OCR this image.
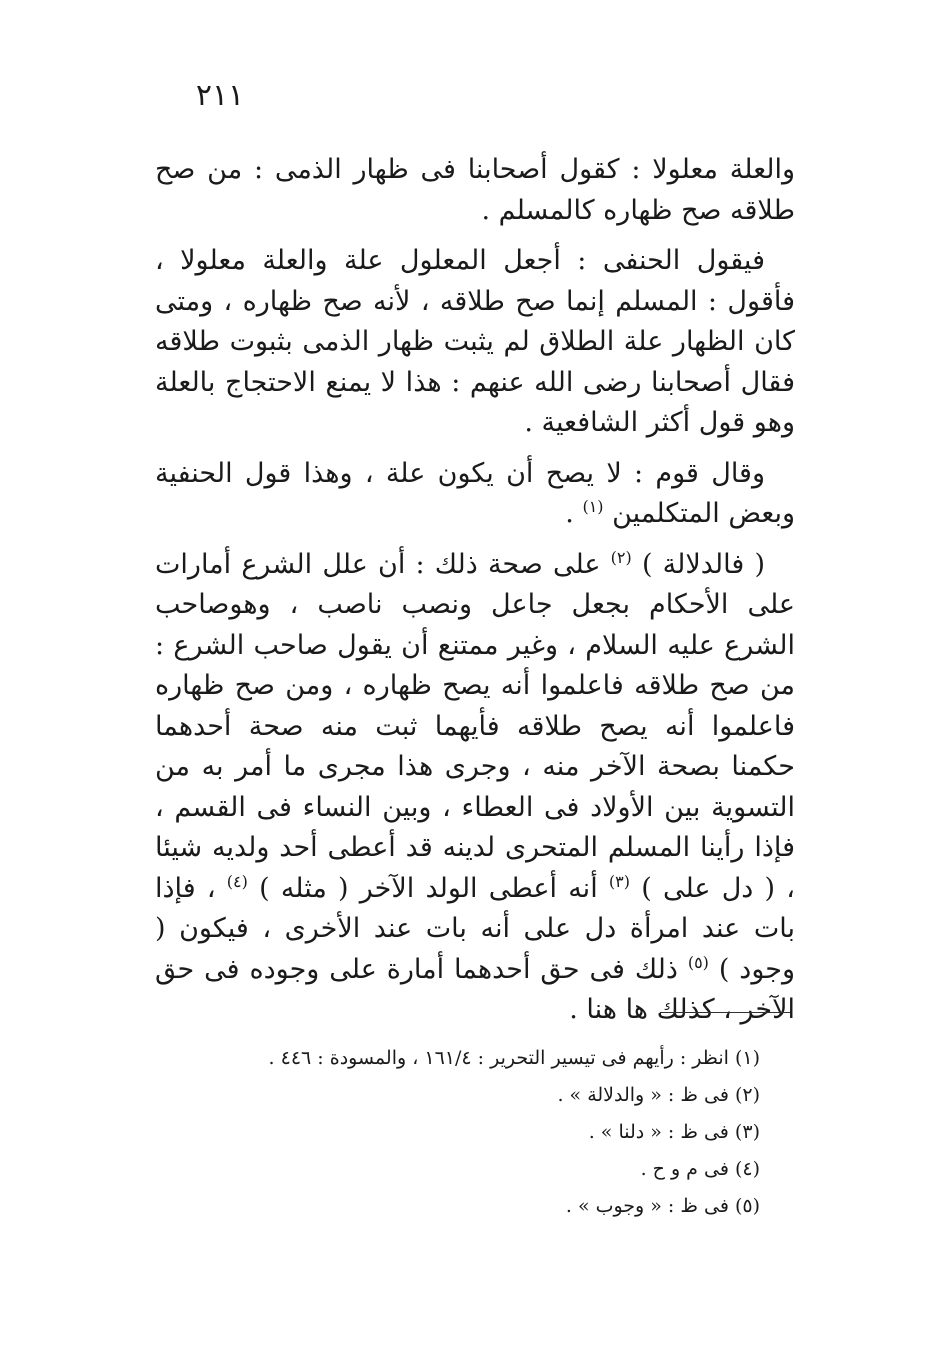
٢١١

والعلة معلولا : كقول أصحابنا فى ظهار الذمى : من صح طلاقه صح ظهاره كالمسلم .

فيقول الحنفى : أجعل المعلول علة والعلة معلولا ، فأقول : المسلم إنما صح طلاقه ، لأنه صح ظهاره ، ومتى كان الظهار علة الطلاق لم يثبت ظهار الذمى بثبوت طلاقه فقال أصحابنا رضى الله عنهم : هذا لا يمنع الاحتجاج بالعلة وهو قول أكثر الشافعية .

وقال قوم : لا يصح أن يكون علة ، وهذا قول الحنفية وبعض المتكلمين $^{(١)}$ .

( فالدلالة ) $^{(٢)}$ على صحة ذلك : أن علل الشرع أمارات على الأحكام بجعل جاعل ونصب ناصب ، وهوصاحب الشرع عليه السلام ، وغير ممتنع أن يقول صاحب الشرع : من صح طلاقه فاعلموا أنه يصح ظهاره ، ومن صح ظهاره فاعلموا أنه يصح طلاقه فأيهما ثبت منه صحة أحدهما حكمنا بصحة الآخر منه ، وجرى هذا مجرى ما أمر به من التسوية بين الأولاد فى العطاء ، وبين النساء فى القسم ، فإذا رأينا المسلم المتحرى لدينه قد أعطى أحد ولديه شيئا ، ( دل على ) $^{(٣)}$ أنه أعطى الولد الآخر ( مثله ) $^{(٤)}$ ، فإذا بات عند امرأة دل على أنه بات عند الأخرى ، فيكون ( وجود ) $^{(٥)}$ ذلك فى حق أحدهما أمارة على وجوده فى حق الآخر ، كذلك ها هنا .

(١) انظر : رأيهم فى تيسير التحرير : ١٦١/٤ ، والمسودة : ٤٤٦ .

(٢) فى ظ : « والدلالة » .

(٣) فى ظ : « دلنا » .

(٤) فى م و ح .

(٥) فى ظ : « وجوب » .
